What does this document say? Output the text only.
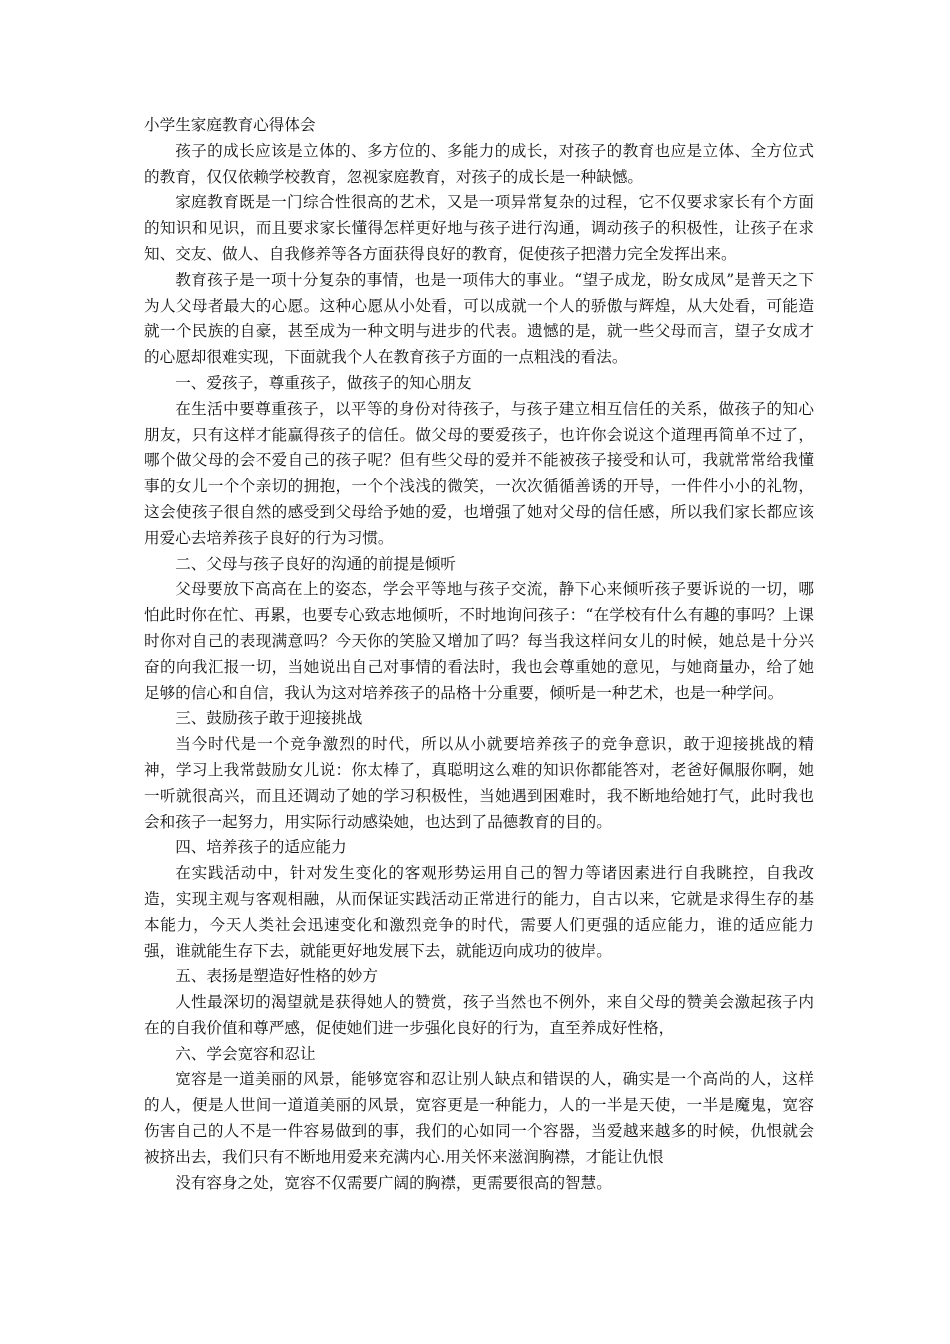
小学生家庭教育心得体会

孩子的成长应该是立体的、多方位的、多能力的成长，对孩子的教育也应是立体、全方位式的教育，仅仅依赖学校教育，忽视家庭教育，对孩子的成长是一种缺憾。

家庭教育既是一门综合性很高的艺术，又是一项异常复杂的过程，它不仅要求家长有个方面的知识和见识，而且要求家长懂得怎样更好地与孩子进行沟通，调动孩子的积极性，让孩子在求知、交友、做人、自我修养等各方面获得良好的教育，促使孩子把潜力完全发挥出来。

教育孩子是一项十分复杂的事情，也是一项伟大的事业。“望子成龙，盼女成凤”是普天之下为人父母者最大的心愿。这种心愿从小处看，可以成就一个人的骄傲与辉煌，从大处看，可能造就一个民族的自豪，甚至成为一种文明与进步的代表。遗憾的是，就一些父母而言，望子女成才的心愿却很难实现，下面就我个人在教育孩子方面的一点粗浅的看法。

一、爱孩子，尊重孩子，做孩子的知心朋友

在生活中要尊重孩子，以平等的身份对待孩子，与孩子建立相互信任的关系，做孩子的知心朋友，只有这样才能赢得孩子的信任。做父母的要爱孩子，也许你会说这个道理再简单不过了，哪个做父母的会不爱自己的孩子呢？但有些父母的爱并不能被孩子接受和认可，我就常常给我懂事的女儿一个个亲切的拥抱，一个个浅浅的微笑，一次次循循善诱的开导，一件件小小的礼物，这会使孩子很自然的感受到父母给予她的爱，也增强了她对父母的信任感，所以我们家长都应该用爱心去培养孩子良好的行为习惯。

二、父母与孩子良好的沟通的前提是倾听

父母要放下高高在上的姿态，学会平等地与孩子交流，静下心来倾听孩子要诉说的一切，哪怕此时你在忙、再累，也要专心致志地倾听，不时地询问孩子：“在学校有什么有趣的事吗？上课时你对自己的表现满意吗？今天你的笑脸又增加了吗？每当我这样问女儿的时候，她总是十分兴奋的向我汇报一切，当她说出自己对事情的看法时，我也会尊重她的意见，与她商量办，给了她足够的信心和自信，我认为这对培养孩子的品格十分重要，倾听是一种艺术，也是一种学问。

三、鼓励孩子敢于迎接挑战

当今时代是一个竞争激烈的时代，所以从小就要培养孩子的竞争意识，敢于迎接挑战的精神，学习上我常鼓励女儿说：你太棒了，真聪明这么难的知识你都能答对，老爸好佩服你啊，她一听就很高兴，而且还调动了她的学习积极性，当她遇到困难时，我不断地给她打气，此时我也会和孩子一起努力，用实际行动感染她，也达到了品德教育的目的。

四、培养孩子的适应能力

在实践活动中，针对发生变化的客观形势运用自己的智力等诸因素进行自我眺控，自我改造，实现主观与客观相融，从而保证实践活动正常进行的能力，自古以来，它就是求得生存的基本能力，今天人类社会迅速变化和激烈竞争的时代，需要人们更强的适应能力，谁的适应能力强，谁就能生存下去，就能更好地发展下去，就能迈向成功的彼岸。

五、表扬是塑造好性格的妙方

人性最深切的渴望就是获得她人的赞赏，孩子当然也不例外，来自父母的赞美会激起孩子内在的自我价值和尊严感，促使她们进一步强化良好的行为，直至养成好性格，

六、学会宽容和忍让

宽容是一道美丽的风景，能够宽容和忍让别人缺点和错误的人，确实是一个高尚的人，这样的人，便是人世间一道道美丽的风景，宽容更是一种能力，人的一半是天使，一半是魔鬼，宽容伤害自己的人不是一件容易做到的事，我们的心如同一个容器，当爱越来越多的时候，仇恨就会被挤出去，我们只有不断地用爱来充满内心.用关怀来滋润胸襟，才能让仇恨

没有容身之处，宽容不仅需要广阔的胸襟，更需要很高的智慧。
